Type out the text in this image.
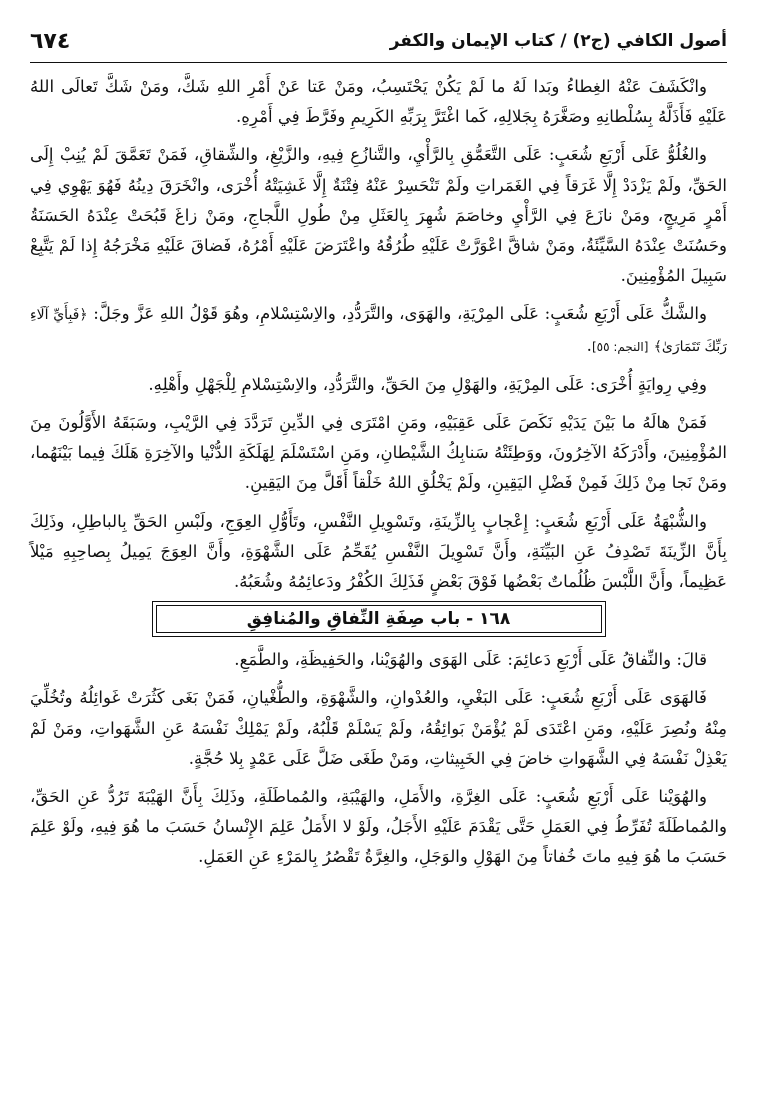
أصول الكافي (ج٢) / كتاب الإيمان والكفر
٦٧٤

وانْكَشَفَ عَنْهُ الغِطاءُ وبَدا لَهُ ما لَمْ يَكُنْ يَحْتَسِبُ، ومَنْ عَتا عَنْ أَمْرِ اللهِ شَكَّ، ومَنْ شَكَّ تَعالَى اللهُ عَلَيْهِ فَأَذَلَّهُ بِسُلْطانِهِ وصَغَّرَهُ بِجَلالِهِ، كَما اغْتَرَّ بِرَبِّهِ الكَرِيمِ وفَرَّطَ فِي أَمْرِهِ.

والغُلُوُّ عَلَى أَرْبَعِ شُعَبٍ: عَلَى التَّعَمُّقِ بِالرَّأْيِ، والتَّنازُعِ فِيهِ، والزَّيْغِ، والشِّقاقِ، فَمَنْ تَعَمَّقَ لَمْ يُنِبْ إِلَى الحَقِّ، ولَمْ يَزْدَدْ إِلَّا غَرَقاً فِي الغَمَراتِ ولَمْ تَنْحَسِرْ عَنْهُ فِتْنَةٌ إِلَّا غَشِيَتْهُ أُخْرَى، وانْخَرَقَ دِينُهُ فَهُوَ يَهْوِي فِي أَمْرٍ مَرِيجٍ، ومَنْ نازَعَ فِي الرَّأْيِ وخاصَمَ شُهِرَ بِالعَثَلِ مِنْ طُولِ اللَّجاجِ، ومَنْ زاغَ قَبُحَتْ عِنْدَهُ الحَسَنَةُ وحَسُنَتْ عِنْدَهُ السَّيِّئَةُ، ومَنْ شاقَّ اعْوَرَّتْ عَلَيْهِ طُرُقُهُ واعْتَرَضَ عَلَيْهِ أَمْرُهُ، فَضاقَ عَلَيْهِ مَخْرَجُهُ إِذا لَمْ يَتَّبِعْ سَبِيلَ المُؤْمِنِينَ.

والشَّكُّ عَلَى أَرْبَعِ شُعَبٍ: عَلَى المِرْيَةِ، والهَوَى، والتَّرَدُّدِ، والاِسْتِسْلامِ، وهُوَ قَوْلُ اللهِ عَزَّ وجَلَّ: ﴿فَبِأَيِّ آلَاءِ رَبِّكَ تَتَمَارَىٰ﴾ [النجم: ٥٥].

وفِي رِوايَةٍ أُخْرَى: عَلَى المِرْيَةِ، والهَوْلِ مِنَ الحَقِّ، والتَّرَدُّدِ، والاِسْتِسْلامِ لِلْجَهْلِ وأَهْلِهِ.

فَمَنْ هالَهُ ما بَيْنَ يَدَيْهِ نَكَصَ عَلَى عَقِبَيْهِ، ومَنِ امْتَرَى فِي الدِّينِ تَرَدَّدَ فِي الرَّيْبِ، وسَبَقَهُ الأَوَّلُونَ مِنَ المُؤْمِنِينَ، وأَدْرَكَهُ الآخِرُونَ، ووَطِئَتْهُ سَنابِكُ الشَّيْطانِ، ومَنِ اسْتَسْلَمَ لِهَلَكَةِ الدُّنْيا والآخِرَةِ هَلَكَ فِيما بَيْنَهُما، ومَنْ نَجا مِنْ ذَلِكَ فَمِنْ فَضْلِ اليَقِينِ، ولَمْ يَخْلُقِ اللهُ خَلْقاً أَقَلَّ مِنَ اليَقِينِ.

والشُّبْهَةُ عَلَى أَرْبَعِ شُعَبٍ: إِعْجابٍ بِالزِّينَةِ، وتَسْوِيلِ النَّفْسِ، وتَأَوُّلِ العِوَجِ، ولَبْسِ الحَقِّ بِالباطِلِ، وذَلِكَ بِأَنَّ الزِّينَةَ تَصْدِفُ عَنِ البَيِّنَةِ، وأَنَّ تَسْوِيلَ النَّفْسِ يُقَحِّمُ عَلَى الشَّهْوَةِ، وأَنَّ العِوَجَ يَمِيلُ بِصاحِبِهِ مَيْلاً عَظِيماً، وأَنَّ اللَّبْسَ ظُلُماتٌ بَعْضُها فَوْقَ بَعْضٍ فَذَلِكَ الكُفْرُ ودَعائِمُهُ وشُعَبُهُ.

١٦٨ - باب صِفَةِ النِّفاقِ والمُنافِقِ

قالَ: والنِّفاقُ عَلَى أَرْبَعِ دَعائِمَ: عَلَى الهَوَى والهُوَيْنا، والحَفِيظَةِ، والطَّمَعِ.

فَالهَوَى عَلَى أَرْبَعِ شُعَبٍ: عَلَى البَغْيِ، والعُدْوانِ، والشَّهْوَةِ، والطُّغْيانِ، فَمَنْ بَغَى كَثُرَتْ غَوائِلُهُ وتُخُلِّيَ مِنْهُ ونُصِرَ عَلَيْهِ، ومَنِ اعْتَدَى لَمْ يُؤْمَنْ بَوائِقُهُ، ولَمْ يَسْلَمْ قَلْبُهُ، ولَمْ يَمْلِكْ نَفْسَهُ عَنِ الشَّهَواتِ، ومَنْ لَمْ يَعْذِلْ نَفْسَهُ فِي الشَّهَواتِ خاضَ فِي الخَبِيثاتِ، ومَنْ طَغَى ضَلَّ عَلَى عَمْدٍ بِلا حُجَّةٍ.

والهُوَيْنا عَلَى أَرْبَعِ شُعَبٍ: عَلَى الغِرَّةِ، والأَمَلِ، والهَيْبَةِ، والمُماطَلَةِ، وذَلِكَ بِأَنَّ الهَيْبَةَ تَرُدُّ عَنِ الحَقِّ، والمُماطَلَةَ تُفَرِّطُ فِي العَمَلِ حَتَّى يَقْدَمَ عَلَيْهِ الأَجَلُ، ولَوْ لا الأَمَلُ عَلِمَ الإِنْسانُ حَسَبَ ما هُوَ فِيهِ، ولَوْ عَلِمَ حَسَبَ ما هُوَ فِيهِ ماتَ خُفاتاً مِنَ الهَوْلِ والوَجَلِ، والغِرَّةُ تَقْصُرُ بِالمَرْءِ عَنِ العَمَلِ.
